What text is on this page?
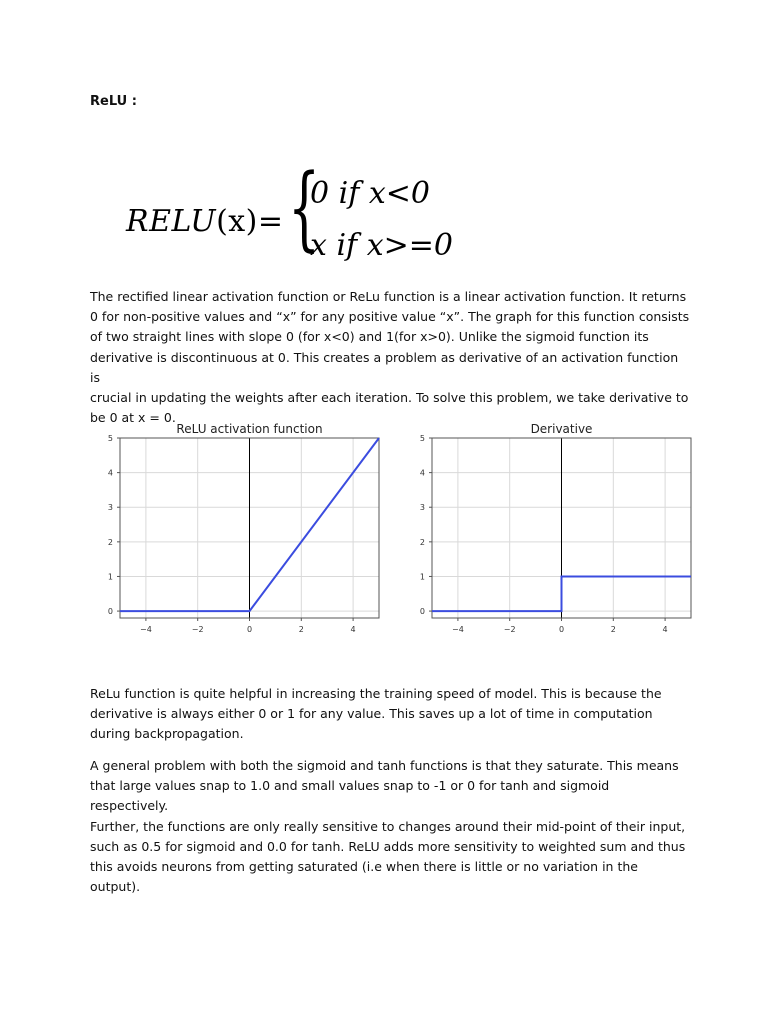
ReLU :
RELU(x)= {
0 if x<0
x if x>=0

The rectified linear activation function or ReLu function is a linear activation function. It returns
0 for non-positive values and “x” for any positive value “x”. The graph for this function consists
of two straight lines with slope 0 (for x<0) and 1(for x>0). Unlike the sigmoid function its
derivative is discontinuous at 0. This creates a problem as derivative of an activation function is
crucial in updating the weights after each iteration. To solve this problem, we take derivative to
be 0 at x = 0.

ReLU activation function
−4	−2	0	2	4
0
1
2
3
4
5
Derivative
−4	−2	0	2	4
0
1
2
3
4
5

ReLu function is quite helpful in increasing the training speed of model. This is because the
derivative is always either 0 or 1 for any value. This saves up a lot of time in computation
during backpropagation.

A general problem with both the sigmoid and tanh functions is that they saturate. This means
that large values snap to 1.0 and small values snap to -1 or 0 for tanh and sigmoid respectively.
Further, the functions are only really sensitive to changes around their mid-point of their input,
such as 0.5 for sigmoid and 0.0 for tanh. ReLU adds more sensitivity to weighted sum and thus
this avoids neurons from getting saturated (i.e when there is little or no variation in the output).
